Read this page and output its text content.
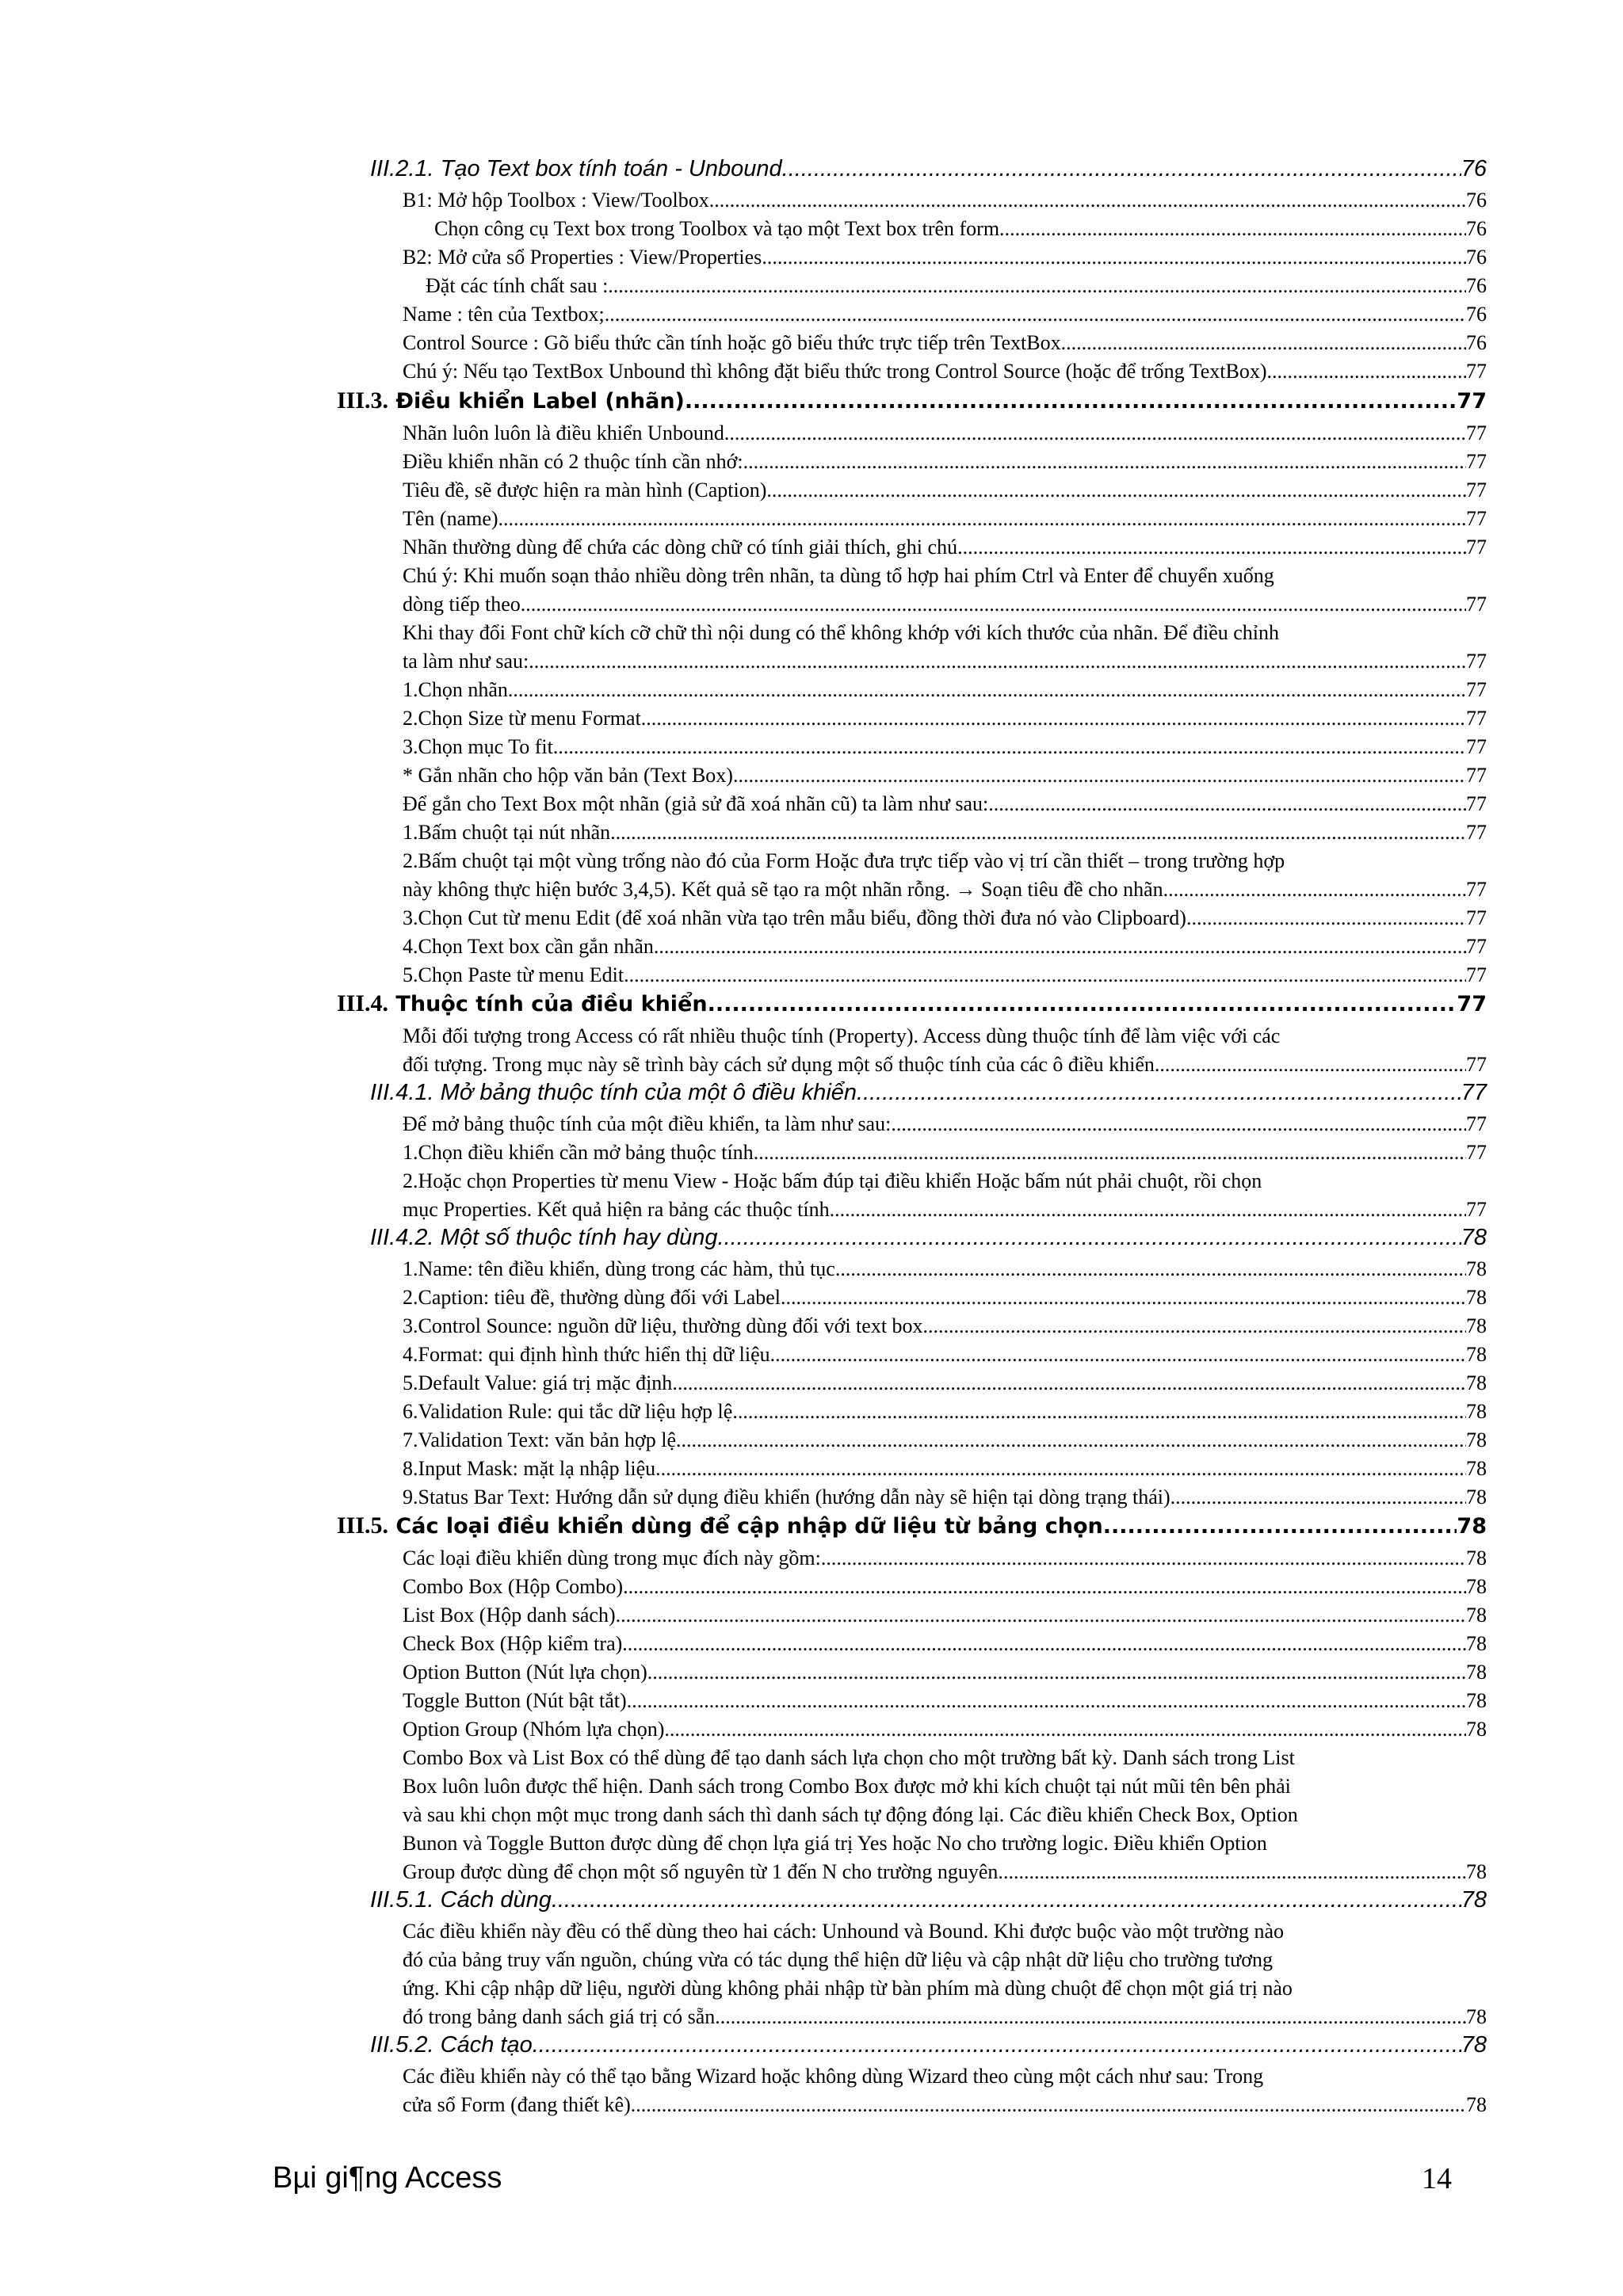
III.2.1. Tạo Text box tính toán - Unbound .....	76
B1: Mở hộp Toolbox : View/Toolbox .....	76
Chọn công cụ Text box trong Toolbox và tạo một Text box trên form. .....	76
B2: Mở cửa sổ Properties : View/Properties .....	76
Đặt các tính chất sau : .....	76
Name : tên của Textbox; .....	76
Control Source : Gõ biểu thức cần tính hoặc gõ biểu thức trực tiếp trên TextBox .....	76
Chú ý: Nếu tạo TextBox Unbound thì không đặt biểu thức trong Control Source (hoặc để trống TextBox). .....	77
III.3. Điều khiển Label (nhãn) .....	77
Nhãn luôn luôn là điều khiển Unbound .....	77
Điều khiển nhãn có 2 thuộc tính cần nhớ: .....	77
Tiêu đề, sẽ được hiện ra màn hình (Caption) .....	77
Tên (name) .....	77
Nhãn thường dùng để chứa các dòng chữ có tính giải thích, ghi chú. .....	77
Chú ý: Khi muốn soạn thảo nhiều dòng trên nhãn, ta dùng tổ hợp hai phím Ctrl và Enter để chuyển xuống
dòng tiếp theo. .....	77
Khi thay đổi Font chữ kích cỡ chữ thì nội dung có thể không khớp với kích thước của nhãn. Để điều chỉnh
ta làm như sau: .....	77
1.Chọn nhãn .....	77
2.Chọn Size từ menu Format .....	77
3.Chọn mục To fit .....	77
* Gắn nhãn cho hộp văn bản (Text Box) .....	77
Để gắn cho Text Box một nhãn (giả sử đã xoá nhãn cũ) ta làm như sau: .....	77
1.Bấm chuột tại nút nhãn .....	77
2.Bấm chuột tại một vùng trống nào đó của Form Hoặc đưa trực tiếp vào vị trí cần thiết – trong trường hợp
này không thực hiện bước 3,4,5). Kết quả sẽ tạo ra một nhãn rỗng. → Soạn tiêu đề cho nhãn. .....	77
3.Chọn Cut từ menu Edit (để xoá nhãn vừa tạo trên mẫu biểu, đồng thời đưa nó vào Clipboard). .....	77
4.Chọn Text box cần gắn nhãn .....	77
5.Chọn Paste từ menu Edit .....	77
III.4. Thuộc tính của điều khiển. .....	77
Mỗi đối tượng trong Access có rất nhiều thuộc tính (Property). Access dùng thuộc tính để làm việc với các
đối tượng. Trong mục này sẽ trình bày cách sử dụng một số thuộc tính của các ô điều khiển. .....	77
III.4.1. Mở bảng thuộc tính của một ô điều khiển .....	77
Để mở bảng thuộc tính của một điều khiển, ta làm như sau: .....	77
1.Chọn điều khiển cần mở bảng thuộc tính .....	77
2.Hoặc chọn Properties từ menu View - Hoặc bấm đúp tại điều khiển Hoặc bấm nút phải chuột, rồi chọn
mục Properties. Kết quả hiện ra bảng các thuộc tính. .....	77
III.4.2. Một số thuộc tính hay dùng. .....	78
1.Name: tên điều khiển, dùng trong các hàm, thủ tục. .....	78
2.Caption: tiêu đề, thường dùng đối với Label .....	78
3.Control Sounce: nguồn dữ liệu, thường dùng đối với text box. .....	78
4.Format: qui định hình thức hiển thị dữ liệu. .....	78
5.Default Value: giá trị mặc định .....	78
6.Validation Rule: qui tắc dữ liệu hợp lệ. .....	78
7.Validation Text: văn bản hợp lệ. .....	78
8.Input Mask: mặt lạ nhập liệu. .....	78
9.Status Bar Text: Hướng dẫn sử dụng điều khiển (hướng dẫn này sẽ hiện tại dòng trạng thái) .....	78
III.5. Các loại điều khiển dùng để cập nhập dữ liệu từ bảng chọn .....	78
Các loại điều khiển dùng trong mục đích này gồm: .....	78
Combo Box (Hộp Combo) .....	78
List Box (Hộp danh sách) .....	78
Check Box (Hộp kiểm tra) .....	78
Option Button (Nút lựa chọn) .....	78
Toggle Button (Nút bật tắt) .....	78
Option Group (Nhóm lựa chọn) .....	78
Combo Box và List Box có thể dùng để tạo danh sách lựa chọn cho một trường bất kỳ. Danh sách trong List
Box luôn luôn được thể hiện. Danh sách trong Combo Box được mở khi kích chuột tại nút mũi tên bên phải
và sau khi chọn một mục trong danh sách thì danh sách tự động đóng lại. Các điều khiển Check Box, Option
Bunon và Toggle Button được dùng để chọn lựa giá trị Yes hoặc No cho trường logic. Điều khiển Option
Group được dùng để chọn một số nguyên từ 1 đến N cho trường nguyên. .....	78
III.5.1. Cách dùng .....	78
Các điều khiển này đều có thể dùng theo hai cách: Unhound và Bound. Khi được buộc vào một trường nào
đó của bảng truy vấn nguồn, chúng vừa có tác dụng thể hiện dữ liệu và cập nhật dữ liệu cho trường tương
ứng. Khi cập nhập dữ liệu, người dùng không phải nhập từ bàn phím mà dùng chuột để chọn một giá trị nào
đó trong bảng danh sách giá trị có sẵn. .....	78
III.5.2. Cách tạo. .....	78
Các điều khiển này có thể tạo bằng Wizard hoặc không dùng Wizard theo cùng một cách như sau: Trong
cửa sổ Form (đang thiết kê) .....	78
Bµi gi¶ng Access	14
